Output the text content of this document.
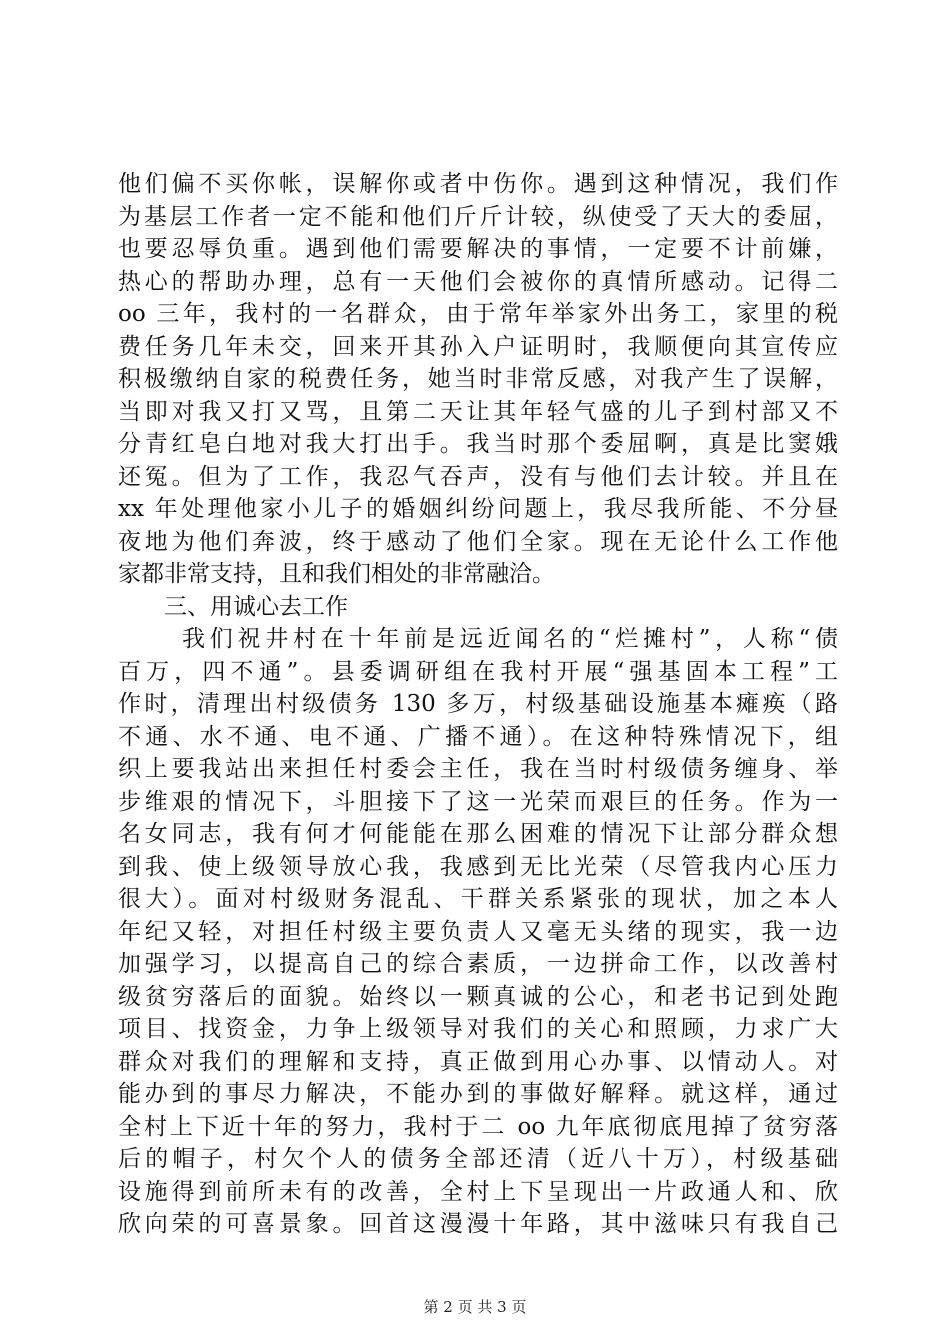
他们偏不买你帐，误解你或者中伤你。遇到这种情况，我们作
为基层工作者一定不能和他们斤斤计较，纵使受了天大的委屈，
也要忍辱负重。遇到他们需要解决的事情，一定要不计前嫌，
热心的帮助办理，总有一天他们会被你的真情所感动。记得二
oo 三年，我村的一名群众，由于常年举家外出务工，家里的税
费任务几年未交，回来开其孙入户证明时，我顺便向其宣传应
积极缴纳自家的税费任务，她当时非常反感，对我产生了误解，
当即对我又打又骂，且第二天让其年轻气盛的儿子到村部又不
分青红皂白地对我大打出手。我当时那个委屈啊，真是比窦娥
还冤。但为了工作，我忍气吞声，没有与他们去计较。并且在
xx 年处理他家小儿子的婚姻纠纷问题上，我尽我所能、不分昼
夜地为他们奔波，终于感动了他们全家。现在无论什么工作他
家都非常支持，且和我们相处的非常融洽。
三、用诚心去工作
我们祝井村在十年前是远近闻名的“烂摊村”，人称“债
百万，四不通”。县委调研组在我村开展“强基固本工程”工
作时，清理出村级债务 130 多万，村级基础设施基本瘫痪（路
不通、水不通、电不通、广播不通）。在这种特殊情况下，组
织上要我站出来担任村委会主任，我在当时村级债务缠身、举
步维艰的情况下，斗胆接下了这一光荣而艰巨的任务。作为一
名女同志，我有何才何能能在那么困难的情况下让部分群众想
到我、使上级领导放心我，我感到无比光荣（尽管我内心压力
很大）。面对村级财务混乱、干群关系紧张的现状，加之本人
年纪又轻，对担任村级主要负责人又毫无头绪的现实，我一边
加强学习，以提高自己的综合素质，一边拼命工作，以改善村
级贫穷落后的面貌。始终以一颗真诚的公心，和老书记到处跑
项目、找资金，力争上级领导对我们的关心和照顾，力求广大
群众对我们的理解和支持，真正做到用心办事、以情动人。对
能办到的事尽力解决，不能办到的事做好解释。就这样，通过
全村上下近十年的努力，我村于二 oo 九年底彻底甩掉了贫穷落
后的帽子，村欠个人的债务全部还清（近八十万），村级基础
设施得到前所未有的改善，全村上下呈现出一片政通人和、欣
欣向荣的可喜景象。回首这漫漫十年路，其中滋味只有我自己
第 2 页 共 3 页
